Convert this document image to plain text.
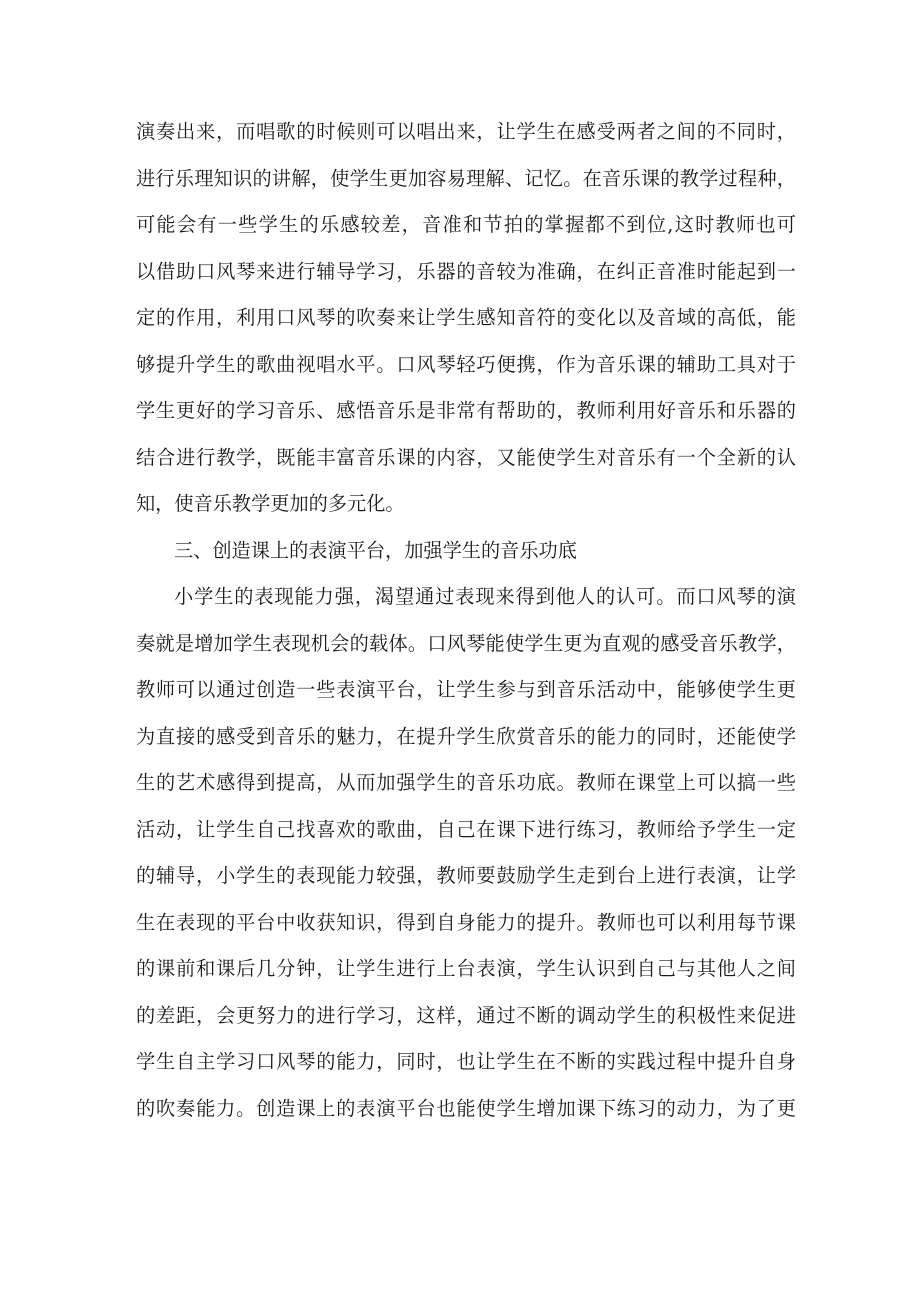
演奏出来，而唱歌的时候则可以唱出来，让学生在感受两者之间的不同时，
进行乐理知识的讲解，使学生更加容易理解、记忆。在音乐课的教学过程种，
可能会有一些学生的乐感较差，音准和节拍的掌握都不到位,这时教师也可
以借助口风琴来进行辅导学习，乐器的音较为准确，在纠正音准时能起到一
定的作用，利用口风琴的吹奏来让学生感知音符的变化以及音域的高低，能
够提升学生的歌曲视唱水平。口风琴轻巧便携，作为音乐课的辅助工具对于
学生更好的学习音乐、感悟音乐是非常有帮助的，教师利用好音乐和乐器的
结合进行教学，既能丰富音乐课的内容，又能使学生对音乐有一个全新的认
知，使音乐教学更加的多元化。
三、创造课上的表演平台，加强学生的音乐功底
小学生的表现能力强，渴望通过表现来得到他人的认可。而口风琴的演
奏就是增加学生表现机会的载体。口风琴能使学生更为直观的感受音乐教学，
教师可以通过创造一些表演平台，让学生参与到音乐活动中，能够使学生更
为直接的感受到音乐的魅力，在提升学生欣赏音乐的能力的同时，还能使学
生的艺术感得到提高，从而加强学生的音乐功底。教师在课堂上可以搞一些
活动，让学生自己找喜欢的歌曲，自己在课下进行练习，教师给予学生一定
的辅导，小学生的表现能力较强，教师要鼓励学生走到台上进行表演，让学
生在表现的平台中收获知识，得到自身能力的提升。教师也可以利用每节课
的课前和课后几分钟，让学生进行上台表演，学生认识到自己与其他人之间
的差距，会更努力的进行学习，这样，通过不断的调动学生的积极性来促进
学生自主学习口风琴的能力，同时，也让学生在不断的实践过程中提升自身
的吹奏能力。创造课上的表演平台也能使学生增加课下练习的动力，为了更
